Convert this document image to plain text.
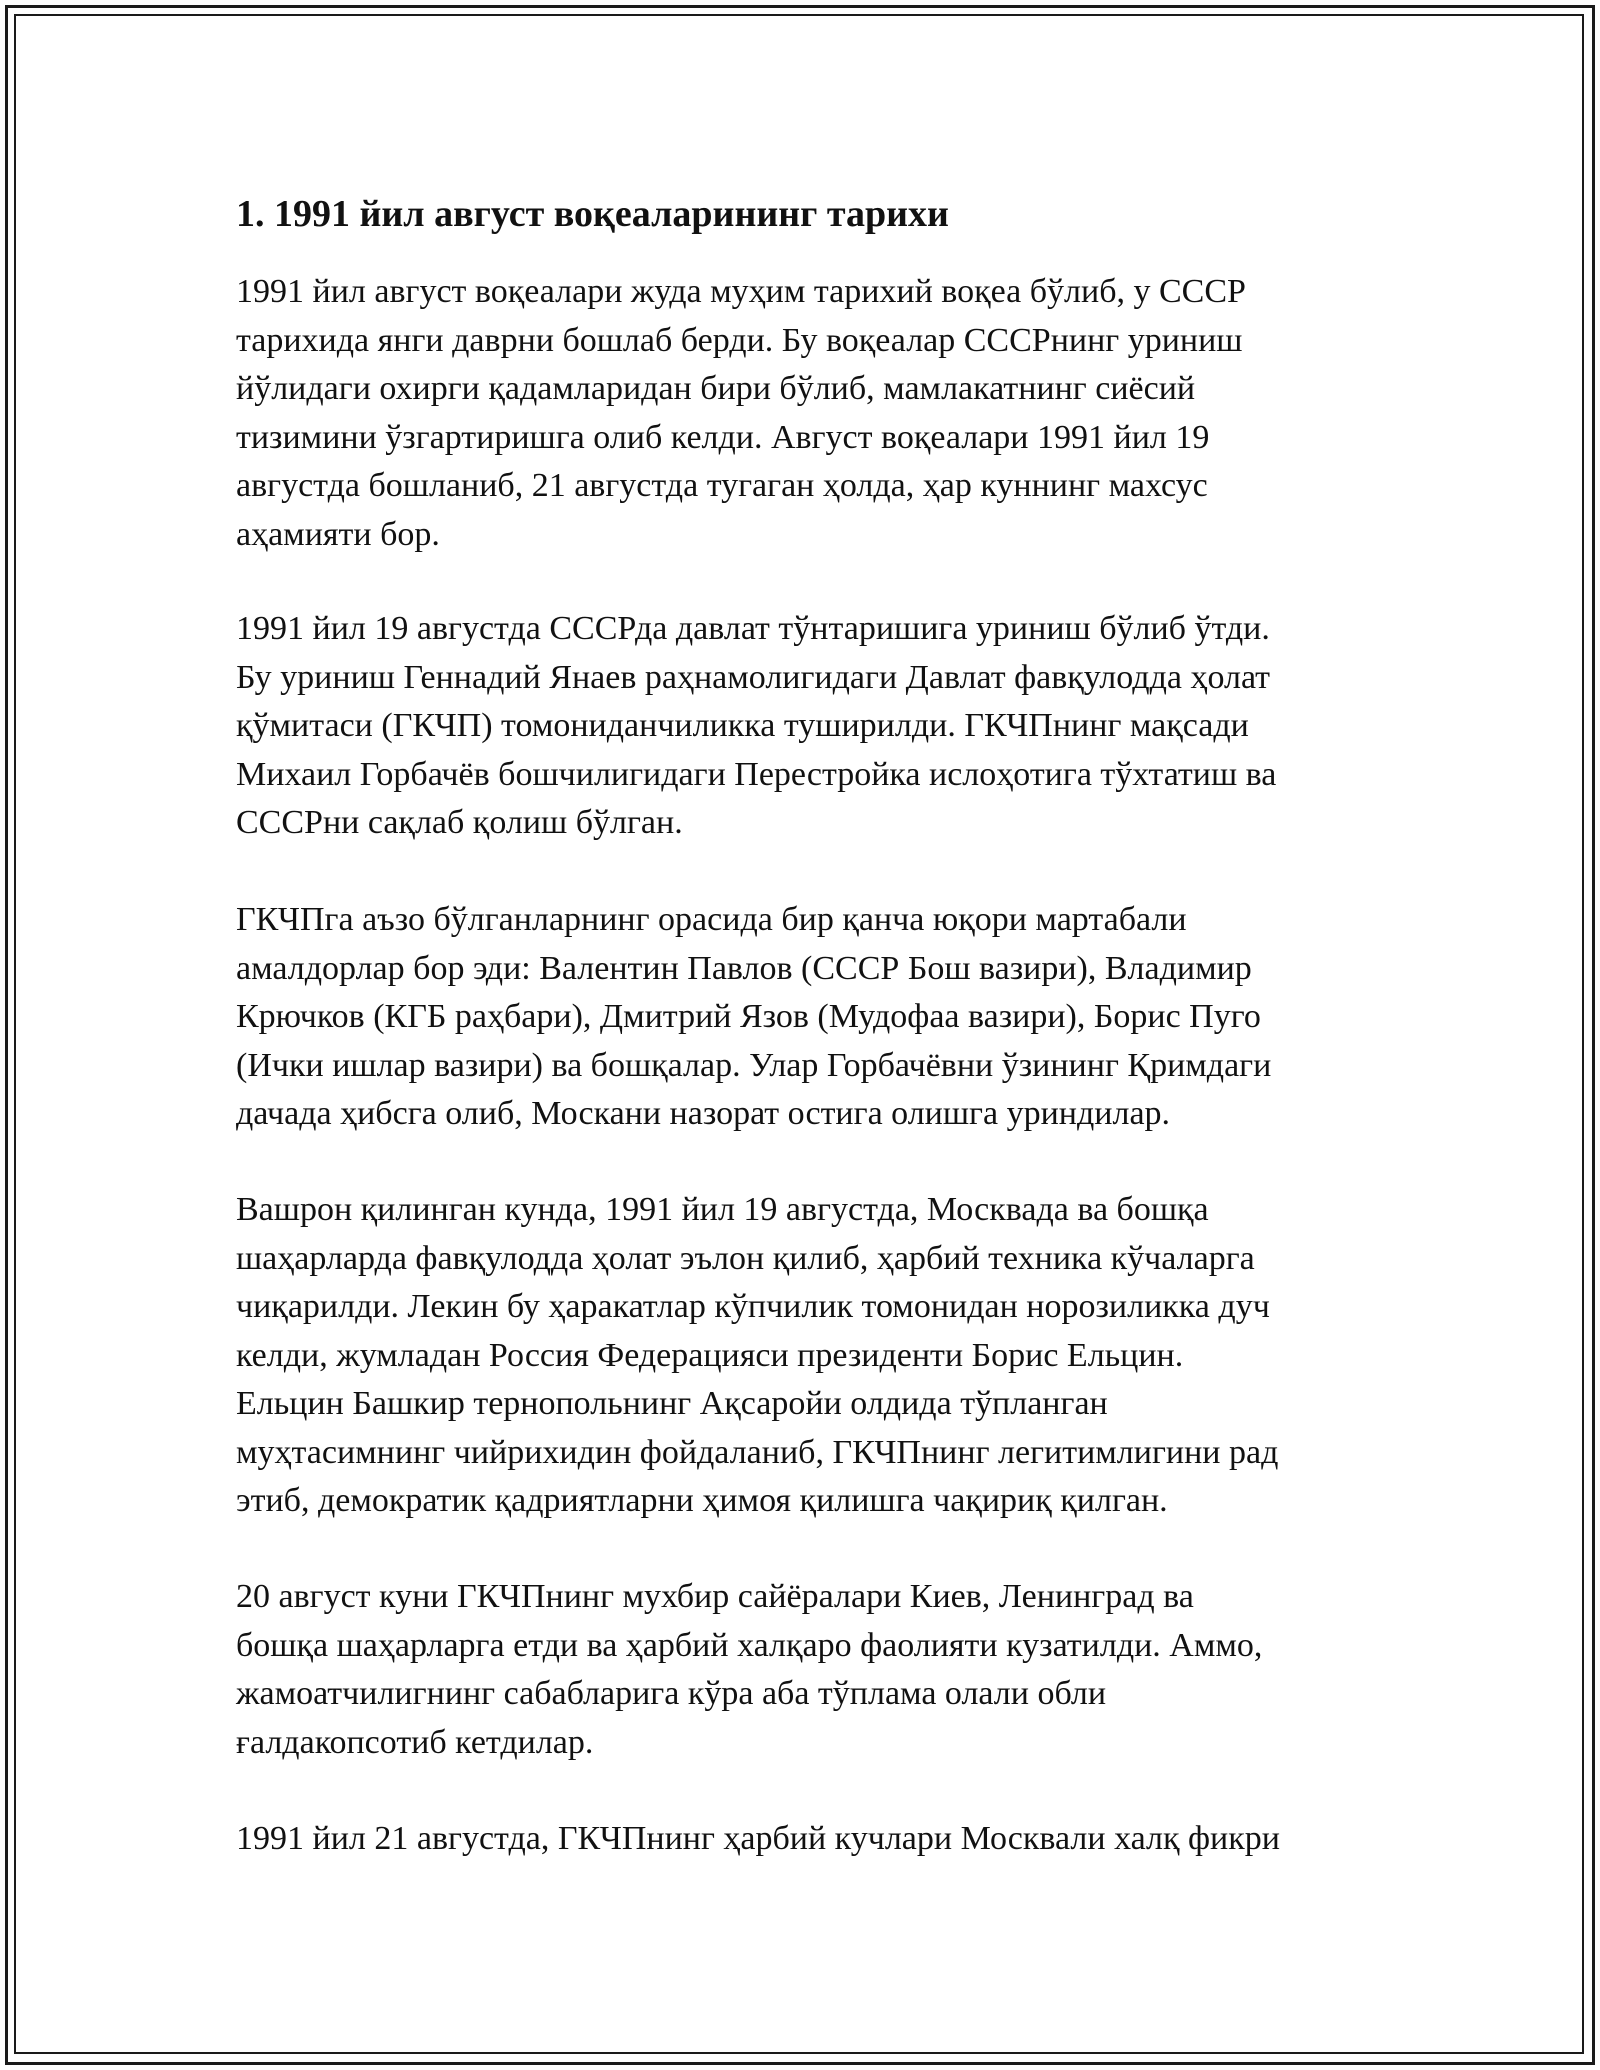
1. 1991 йил август воқеаларининг тарихи

1991 йил август воқеалари жуда муҳим тарихий воқеа бўлиб, у СССР
тарихида янги даврни бошлаб берди. Бу воқеалар СССРнинг уриниш
йўлидаги охирги қадамларидан бири бўлиб, мамлакатнинг сиёсий
тизимини ўзгартиришга олиб келди. Август воқеалари 1991 йил 19
августда бошланиб, 21 августда тугаган ҳолда, ҳар куннинг махсус
аҳамияти бор.

1991 йил 19 августда СССРда давлат тўнтаришига уриниш бўлиб ўтди.
Бу уриниш Геннадий Янаев раҳнамолигидаги Давлат фавқулодда ҳолат
қўмитаси (ГКЧП) томониданчиликка туширилди. ГКЧПнинг мақсади
Михаил Горбачёв бошчилигидаги Перестройка ислоҳотига тўхтатиш ва
СССРни сақлаб қолиш бўлган.

ГКЧПга аъзо бўлганларнинг орасида бир қанча юқори мартабали
амалдорлар бор эди: Валентин Павлов (СССР Бош вазири), Владимир
Крючков (КГБ раҳбари), Дмитрий Язов (Мудофаа вазири), Борис Пуго
(Ички ишлар вазири) ва бошқалар. Улар Горбачёвни ўзининг Қримдаги
дачада ҳибсга олиб, Москани назорат остига олишга уриндилар.

Вашрон қилинган кунда, 1991 йил 19 августда, Москвада ва бошқа
шаҳарларда фавқулодда ҳолат эълон қилиб, ҳарбий техника кўчаларга
чиқарилди. Лекин бу ҳаракатлар кўпчилик томонидан норозиликка дуч
келди, жумладан Россия Федерацияси президенти Борис Ельцин.
Ельцин Башкир тернопольнинг Ақсаройи олдида тўпланган
муҳтасимнинг чийрихидин фойдаланиб, ГКЧПнинг легитимлигини рад
этиб, демократик қадриятларни ҳимоя қилишга чақириқ қилган.

20 август куни ГКЧПнинг мухбир сайёралари Киев, Ленинград ва
бошқа шаҳарларга етди ва ҳарбий халқаро фаолияти кузатилди. Аммо,
жамоатчилигнинг сабабларига кўра аба тўплама олали обли
ғалдакопсотиб кетдилар.

1991 йил 21 августда, ГКЧПнинг ҳарбий кучлари Москвали халқ фикри
